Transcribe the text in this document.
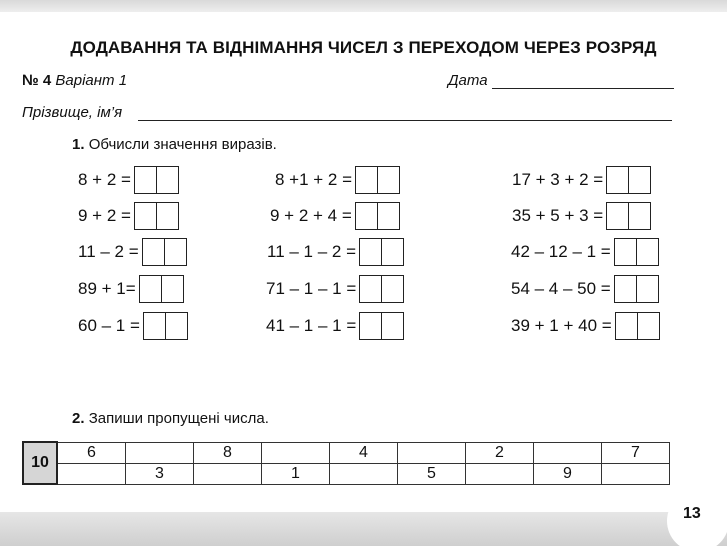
ДОДАВАННЯ ТА ВІДНІМАННЯ ЧИСЕЛ З ПЕРЕХОДОМ ЧЕРЕЗ РОЗРЯД
№ 4 Варіант 1	Дата
Прізвище, ім’я
1. Обчисли значення виразів.
8 + 2 =
9 + 2 =
11 – 2 =
89 + 1=
60 – 1 =
8 +1 + 2 =
9 + 2 + 4 =
11 – 1 – 2 =
71 – 1 – 1 =
41 – 1 – 1 =
17 + 3 + 2 =
35 + 5 + 3 =
42 – 12 – 1 =
54 – 4 – 50 =
39 + 1 + 40 =
2. Запиши пропущені числа.
10	6		8		4		2		7
		3		1		5		9	
13
